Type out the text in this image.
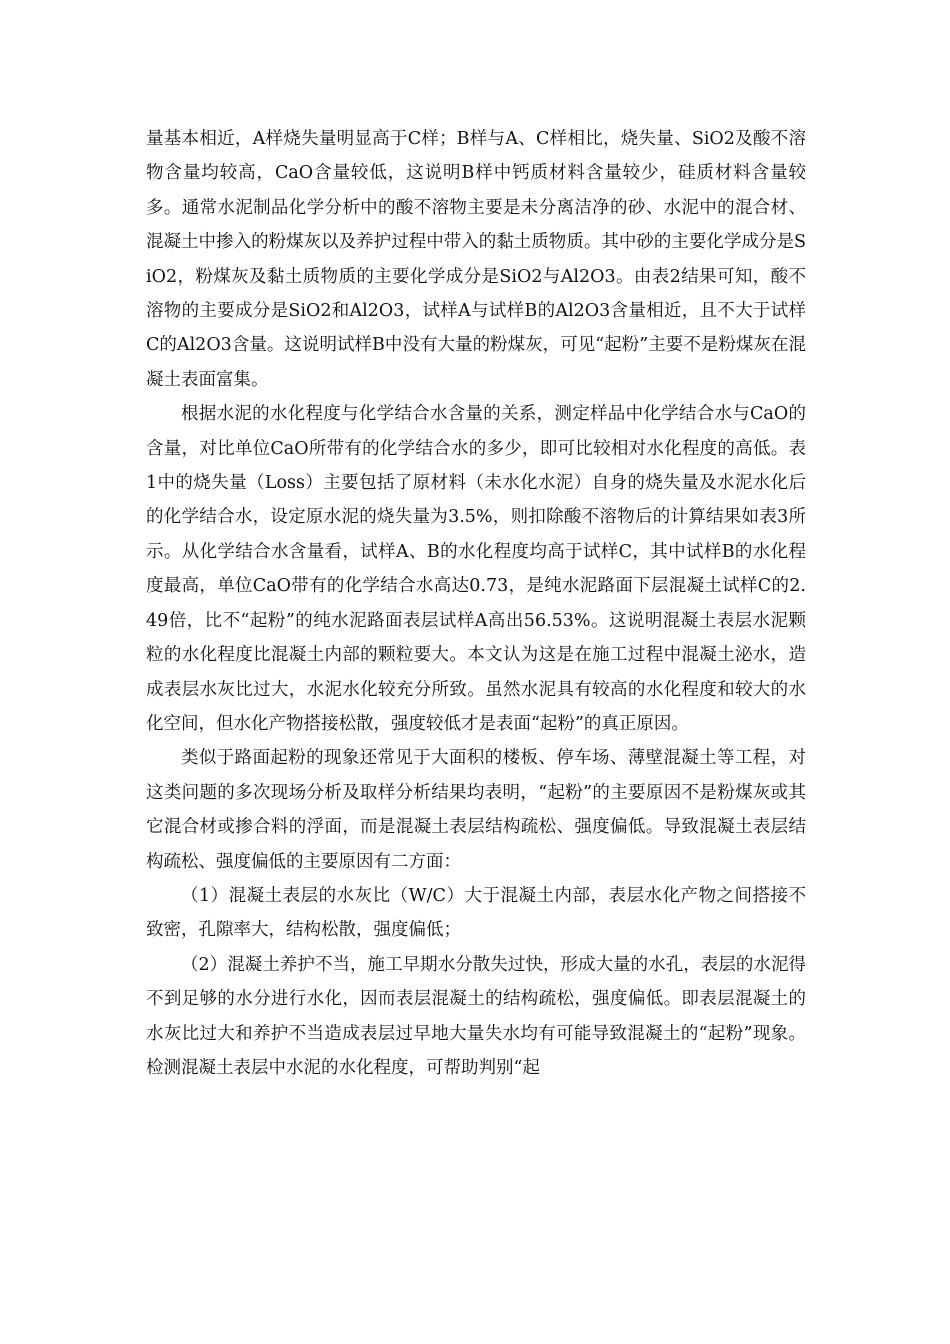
量基本相近，A样烧失量明显高于C样；B样与A、C样相比，烧失量、SiO2及酸不溶物含量均较高，CaO含量较低，这说明B样中钙质材料含量较少，硅质材料含量较多。通常水泥制品化学分析中的酸不溶物主要是未分离洁净的砂、水泥中的混合材、混凝土中掺入的粉煤灰以及养护过程中带入的黏土质物质。其中砂的主要化学成分是SiO2，粉煤灰及黏土质物质的主要化学成分是SiO2与Al2O3。由表2结果可知，酸不溶物的主要成分是SiO2和Al2O3，试样A与试样B的Al2O3含量相近，且不大于试样C的Al2O3含量。这说明试样B中没有大量的粉煤灰，可见“起粉”主要不是粉煤灰在混凝土表面富集。

根据水泥的水化程度与化学结合水含量的关系，测定样品中化学结合水与CaO的含量，对比单位CaO所带有的化学结合水的多少，即可比较相对水化程度的高低。表1中的烧失量（Loss）主要包括了原材料（未水化水泥）自身的烧失量及水泥水化后的化学结合水，设定原水泥的烧失量为3.5%，则扣除酸不溶物后的计算结果如表3所示。从化学结合水含量看，试样A、B的水化程度均高于试样C，其中试样B的水化程度最高，单位CaO带有的化学结合水高达0.73，是纯水泥路面下层混凝土试样C的2.49倍，比不“起粉”的纯水泥路面表层试样A高出56.53%。这说明混凝土表层水泥颗粒的水化程度比混凝土内部的颗粒要大。本文认为这是在施工过程中混凝土泌水，造成表层水灰比过大，水泥水化较充分所致。虽然水泥具有较高的水化程度和较大的水化空间，但水化产物搭接松散，强度较低才是表面“起粉”的真正原因。

类似于路面起粉的现象还常见于大面积的楼板、停车场、薄壁混凝土等工程，对这类问题的多次现场分析及取样分析结果均表明，“起粉”的主要原因不是粉煤灰或其它混合材或掺合料的浮面，而是混凝土表层结构疏松、强度偏低。导致混凝土表层结构疏松、强度偏低的主要原因有二方面：

（1）混凝土表层的水灰比（W/C）大于混凝土内部，表层水化产物之间搭接不致密，孔隙率大，结构松散，强度偏低；

（2）混凝土养护不当，施工早期水分散失过快，形成大量的水孔，表层的水泥得不到足够的水分进行水化，因而表层混凝土的结构疏松，强度偏低。即表层混凝土的水灰比过大和养护不当造成表层过早地大量失水均有可能导致混凝土的“起粉”现象。检测混凝土表层中水泥的水化程度，可帮助判别“起
